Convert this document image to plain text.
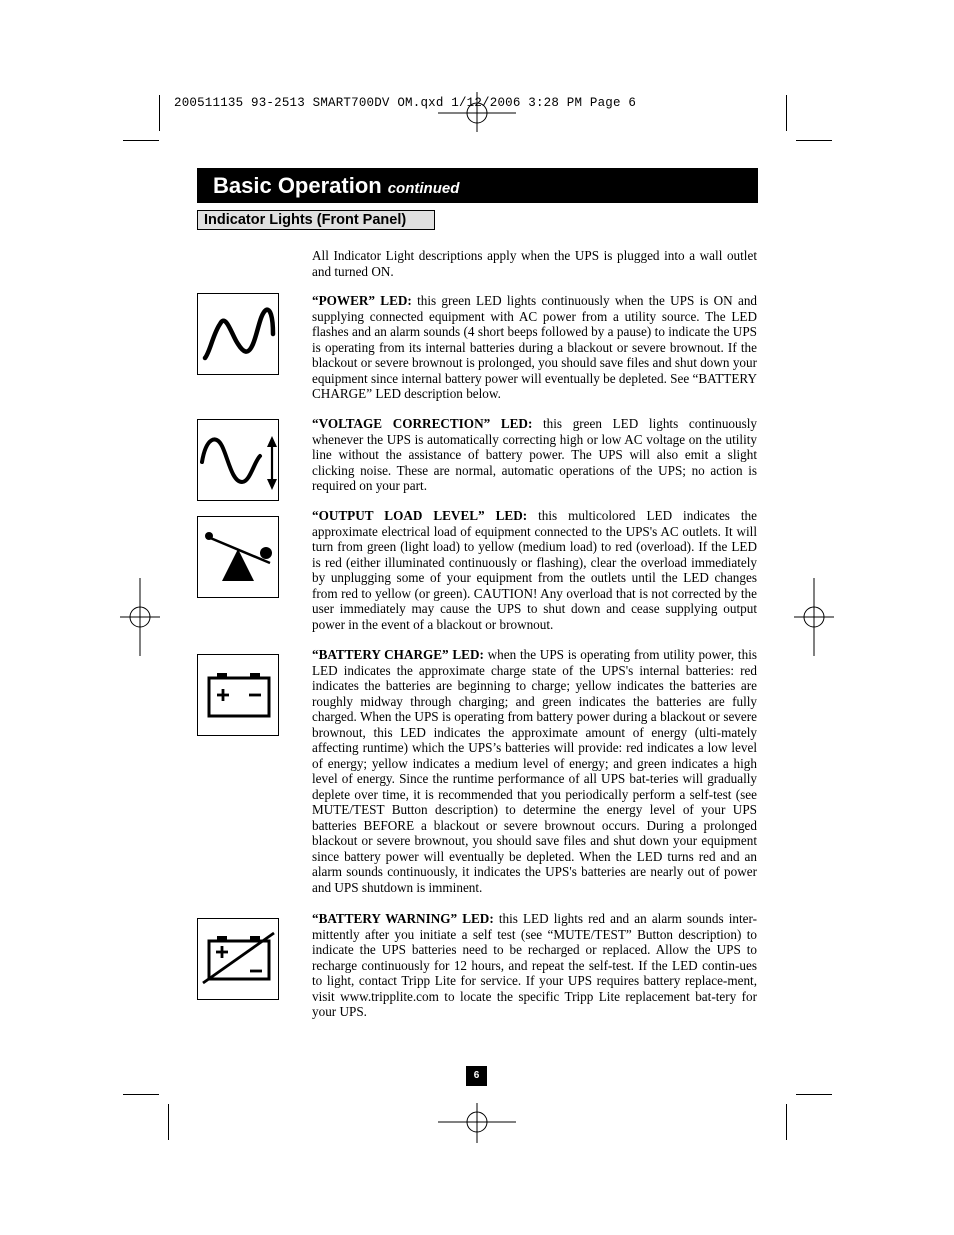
200511135 93-2513 SMART700DV OM.qxd 1/12/2006 3:28 PM Page 6
Basic Operation continued
Indicator Lights (Front Panel)
All Indicator Light descriptions apply when the UPS is plugged into a wall outlet and turned ON.
“POWER” LED: this green LED lights continuously when the UPS is ON and supplying connected equipment with AC power from a utility source. The LED flashes and an alarm sounds (4 short beeps followed by a pause) to indicate the UPS is operating from its internal batteries during a blackout or severe brownout. If the blackout or severe brownout is prolonged, you should save files and shut down your equipment since internal battery power will eventually be depleted. See “BATTERY CHARGE” LED description below.
“VOLTAGE CORRECTION” LED: this green LED lights continuously whenever the UPS is automatically correcting high or low AC voltage on the utility line without the assistance of battery power. The UPS will also emit a slight clicking noise. These are normal, automatic operations of the UPS; no action is required on your part.
“OUTPUT LOAD LEVEL” LED: this multicolored LED indicates the approximate electrical load of equipment connected to the UPS's AC outlets. It will turn from green (light load) to yellow (medium load) to red (overload). If the LED is red (either illuminated continuously or flashing), clear the overload immediately by unplugging some of your equipment from the outlets until the LED changes from red to yellow (or green). CAUTION! Any overload that is not corrected by the user immediately may cause the UPS to shut down and cease supplying output power in the event of a blackout or brownout.
“BATTERY CHARGE” LED: when the UPS is operating from utility power, this LED indicates the approximate charge state of the UPS's internal batteries: red indicates the batteries are beginning to charge; yellow indicates the batteries are roughly midway through charging; and green indicates the batteries are fully charged. When the UPS is operating from battery power during a blackout or severe brownout, this LED indicates the approximate amount of energy (ulti-mately affecting runtime) which the UPS’s batteries will provide: red indicates a low level of energy; yellow indicates a medium level of energy; and green indicates a high level of energy. Since the runtime performance of all UPS bat-teries will gradually deplete over time, it is recommended that you periodically perform a self-test (see MUTE/TEST Button description) to determine the energy level of your UPS batteries BEFORE a blackout or severe brownout occurs. During a prolonged blackout or severe brownout, you should save files and shut down your equipment since battery power will eventually be depleted. When the LED turns red and an alarm sounds continuously, it indicates the UPS's batteries are nearly out of power and UPS shutdown is imminent.
“BATTERY WARNING” LED: this LED lights red and an alarm sounds inter-mittently after you initiate a self test (see “MUTE/TEST” Button description) to indicate the UPS batteries need to be recharged or replaced. Allow the UPS to recharge continuously for 12 hours, and repeat the self-test. If the LED contin-ues to light, contact Tripp Lite for service. If your UPS requires battery replace-ment, visit www.tripplite.com to locate the specific Tripp Lite replacement bat-tery for your UPS.
6
